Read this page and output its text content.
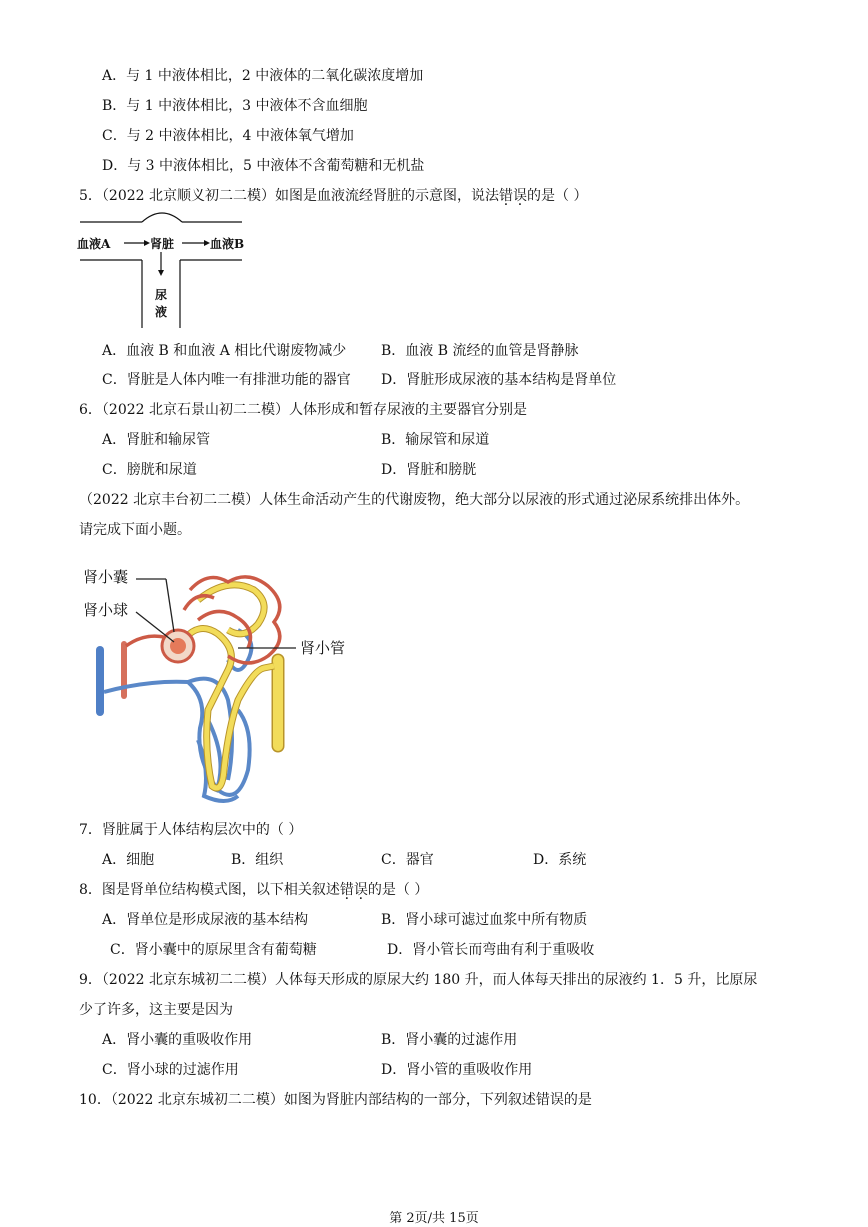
A．与 1 中液体相比，2 中液体的二氧化碳浓度增加
B．与 1 中液体相比，3 中液体不含血细胞
C．与 2 中液体相比，4 中液体氧气增加
D．与 3 中液体相比，5 中液体不含葡萄糖和无机盐
5．（2022 北京顺义初二二模）如图是血液流经肾脏的示意图，说法错误的是（ ）
血液A	肾脏	血液B
尿
液
A．血液 B 和血液 A 相比代谢废物减少 B．血液 B 流经的血管是肾静脉
C．肾脏是人体内唯一有排泄功能的器官 D．肾脏形成尿液的基本结构是肾单位
6．（2022 北京石景山初二二模）人体形成和暂存尿液的主要器官分别是
A．肾脏和输尿管	B．输尿管和尿道
C．膀胱和尿道	D．肾脏和膀胱
（2022 北京丰台初二二模）人体生命活动产生的代谢废物，绝大部分以尿液的形式通过泌尿系统排出体外。
请完成下面小题。
肾小囊
肾小球
肾小管
7．肾脏属于人体结构层次中的（ ）
A．细胞	B．组织	C．器官	D．系统
8．图是肾单位结构模式图，以下相关叙述错误的是（ ）
A．肾单位是形成尿液的基本结构	B．肾小球可滤过血浆中所有物质
C．肾小囊中的原尿里含有葡萄糖	D．肾小管长而弯曲有利于重吸收
9．（2022 北京东城初二二模）人体每天形成的原尿大约 180 升，而人体每天排出的尿液约 1．5 升，比原尿
少了许多，这主要是因为
A．肾小囊的重吸收作用	B．肾小囊的过滤作用
C．肾小球的过滤作用	D．肾小管的重吸收作用
10．（2022 北京东城初二二模）如图为肾脏内部结构的一部分，下列叙述错误的是
第 2页/共 15页
